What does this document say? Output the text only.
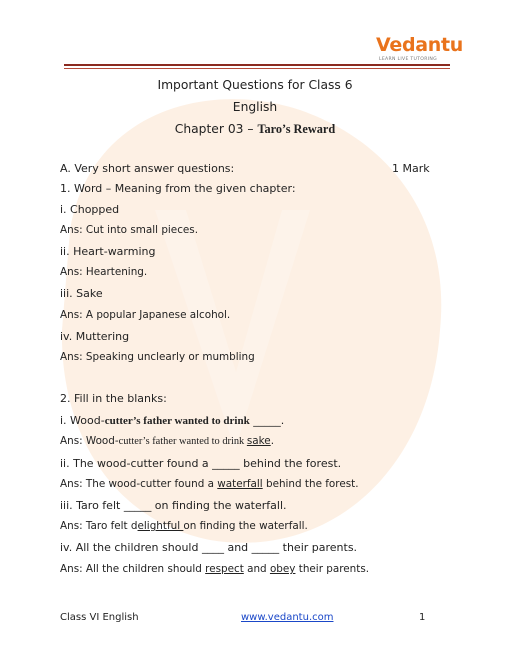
Vedantu
LEARN LIVE TUTORING
Important Questions for Class 6
English
Chapter 03 – Taro’s Reward
A. Very short answer questions:	1 Mark
1. Word – Meaning from the given chapter:
i. Chopped
Ans: Cut into small pieces.
ii. Heart-warming
Ans: Heartening.
iii. Sake
Ans: A popular Japanese alcohol.
iv. Muttering
Ans: Speaking unclearly or mumbling
2. Fill in the blanks:
i. Wood-cutter’s father wanted to drink _____.
Ans: Wood-cutter’s father wanted to drink sake.
ii. The wood-cutter found a _____ behind the forest.
Ans: The wood-cutter found a waterfall behind the forest.
iii. Taro felt _____ on finding the waterfall.
Ans: Taro felt delightful on finding the waterfall.
iv. All the children should ____ and _____ their parents.
Ans: All the children should respect and obey their parents.
Class VI English	www.vedantu.com	1
